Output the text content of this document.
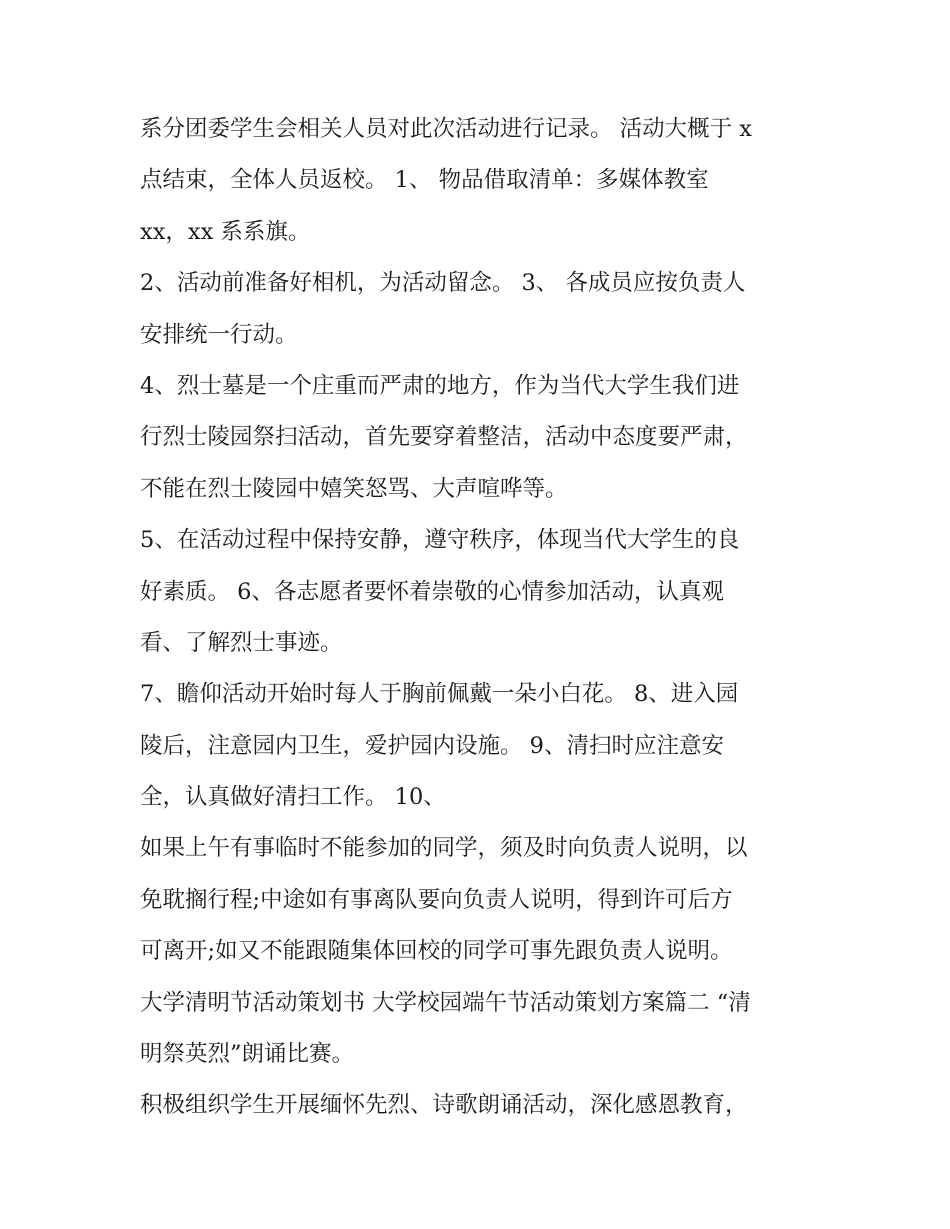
系分团委学生会相关人员对此次活动进行记录。 活动大概于 x
点结束，全体人员返校。 1、 物品借取清单：多媒体教室
xx，xx 系系旗。
2、活动前准备好相机，为活动留念。 3、 各成员应按负责人
安排统一行动。
4、烈士墓是一个庄重而严肃的地方，作为当代大学生我们进
行烈士陵园祭扫活动，首先要穿着整洁，活动中态度要严肃，
不能在烈士陵园中嬉笑怒骂、大声喧哗等。
5、在活动过程中保持安静，遵守秩序，体现当代大学生的良
好素质。 6、各志愿者要怀着崇敬的心情参加活动，认真观
看、了解烈士事迹。
7、瞻仰活动开始时每人于胸前佩戴一朵小白花。 8、进入园
陵后，注意园内卫生，爱护园内设施。 9、清扫时应注意安
全，认真做好清扫工作。 10、
如果上午有事临时不能参加的同学，须及时向负责人说明，以
免耽搁行程;中途如有事离队要向负责人说明，得到许可后方
可离开;如又不能跟随集体回校的同学可事先跟负责人说明。
大学清明节活动策划书 大学校园端午节活动策划方案篇二 “清
明祭英烈”朗诵比赛。
积极组织学生开展缅怀先烈、诗歌朗诵活动，深化感恩教育，
